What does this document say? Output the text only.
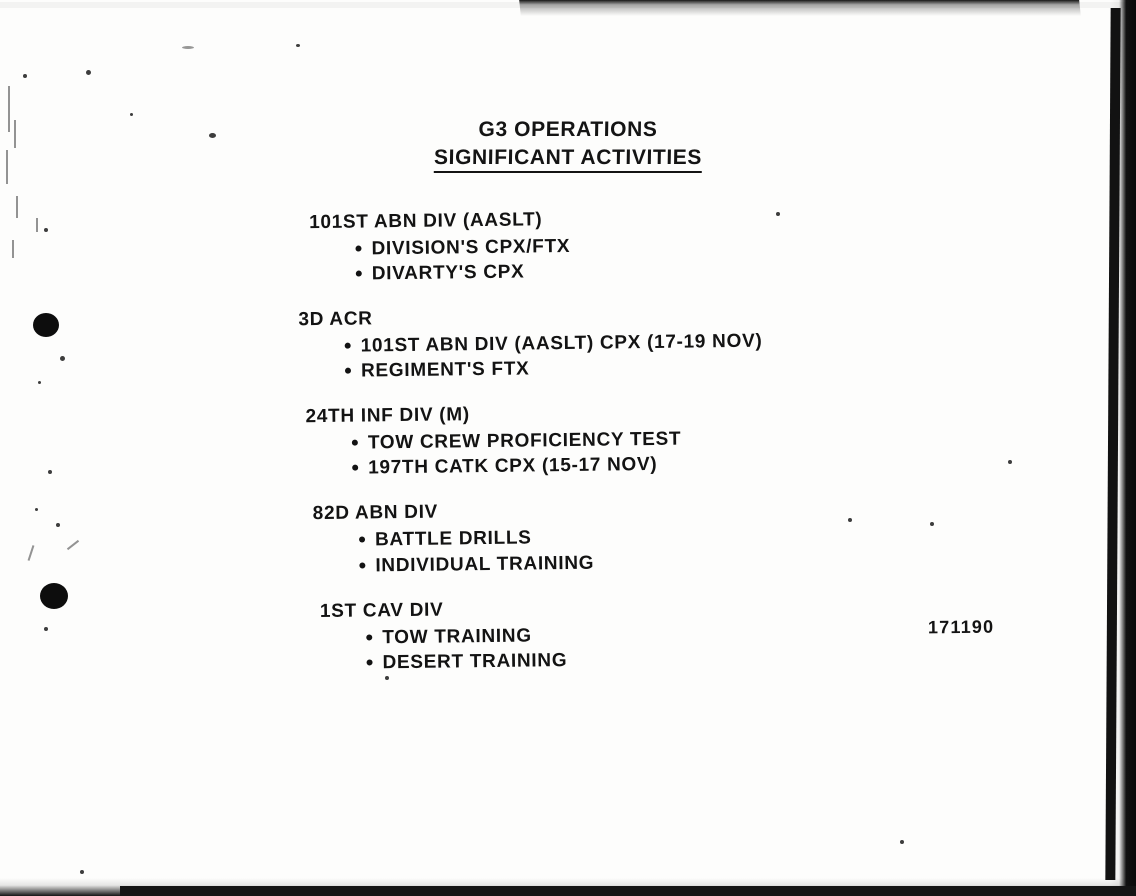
G3 OPERATIONS
SIGNIFICANT ACTIVITIES
101ST ABN DIV (AASLT)
DIVISION'S CPX/FTX
DIVARTY'S CPX
3D ACR
101ST ABN DIV (AASLT) CPX (17-19 NOV)
REGIMENT'S FTX
24TH INF DIV (M)
TOW CREW PROFICIENCY TEST
197TH CATK CPX (15-17 NOV)
82D ABN DIV
BATTLE DRILLS
INDIVIDUAL TRAINING
1ST CAV DIV
TOW TRAINING
DESERT TRAINING
171190
